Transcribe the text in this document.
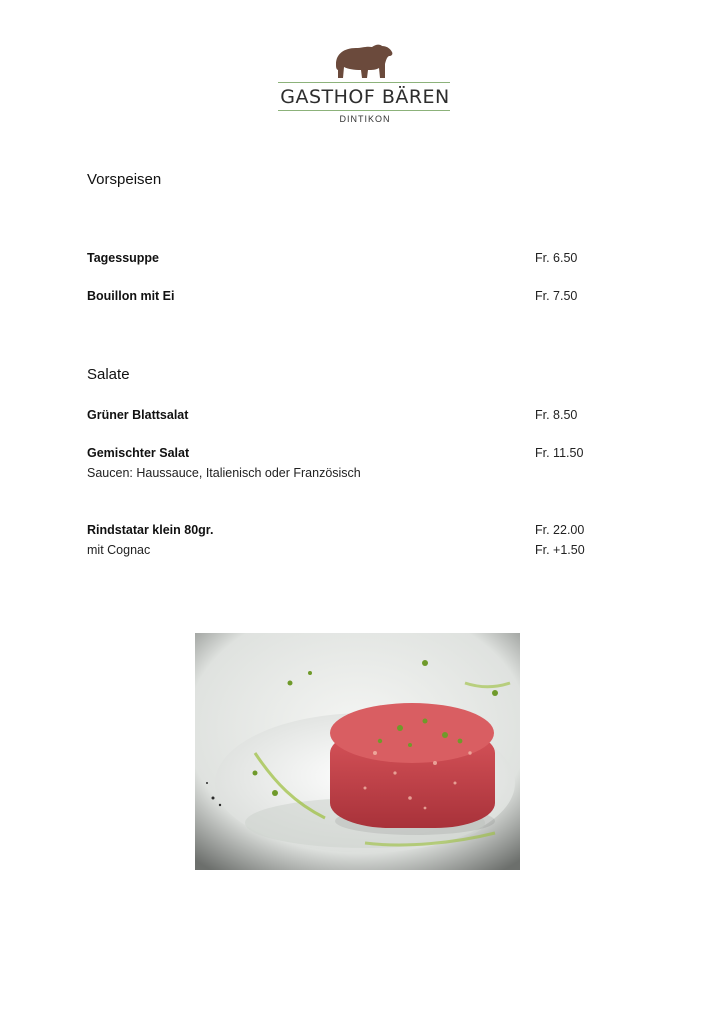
GASTHOF BÄREN
DINTIKON
Vorspeisen
Tagessuppe	Fr. 6.50
Bouillon mit Ei	Fr. 7.50
Salate
Grüner Blattsalat	Fr. 8.50
Gemischter Salat	Fr. 11.50
Saucen: Haussauce, Italienisch oder Französisch
Rindstatar klein 80gr.	Fr. 22.00
mit Cognac	Fr. +1.50
